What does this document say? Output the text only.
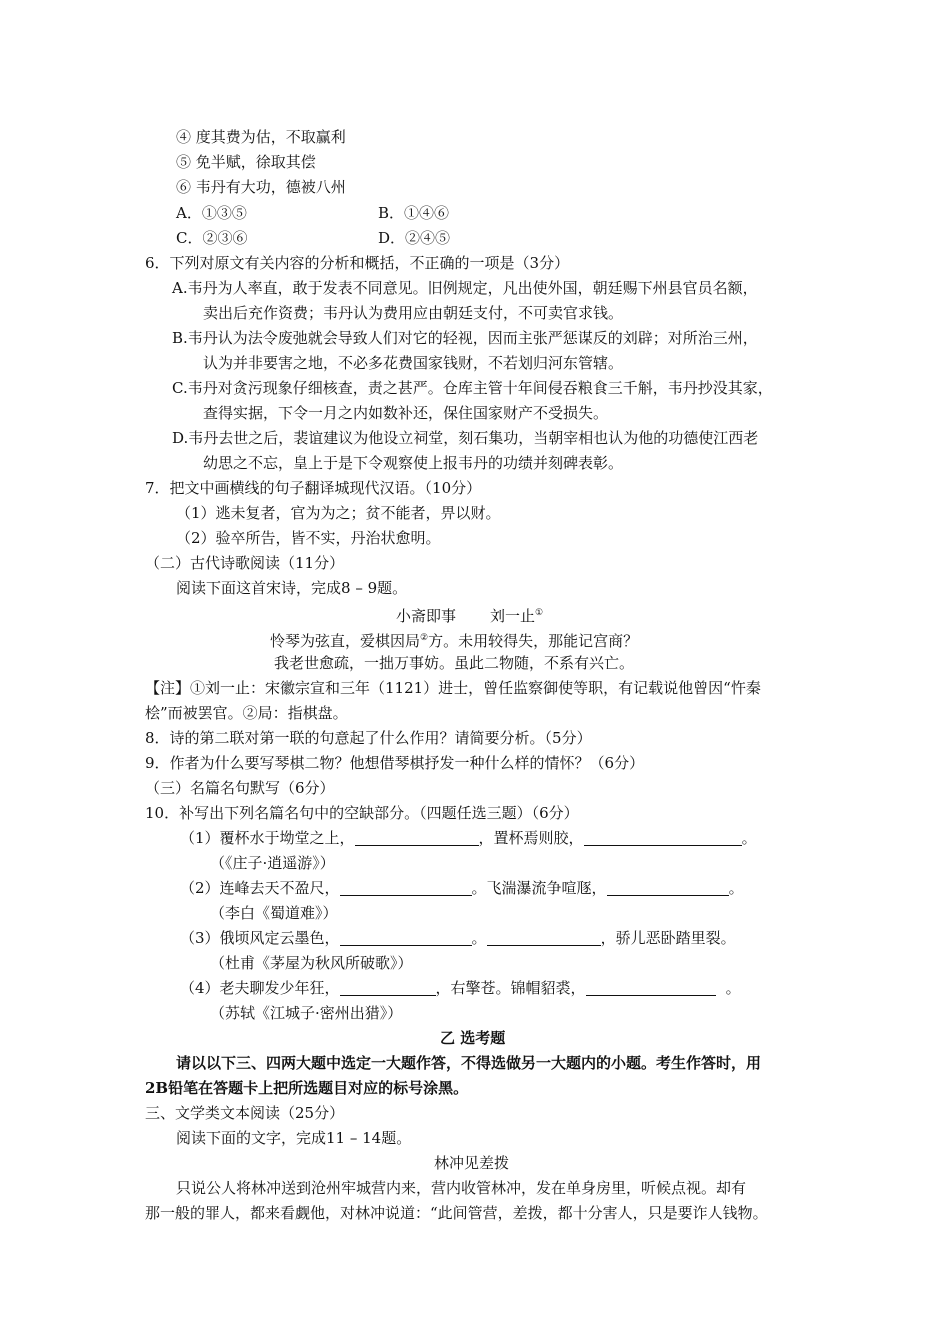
④ 度其费为估，不取赢利
⑤ 免半赋，徐取其偿
⑥ 韦丹有大功，德被八州
A．①③⑤	B．①④⑥
C．②③⑥	D．②④⑤
6．下列对原文有关内容的分析和概括，不正确的一项是（3分）
A.韦丹为人率直，敢于发表不同意见。旧例规定，凡出使外国，朝廷赐下州县官员名额，
卖出后充作资费；韦丹认为费用应由朝廷支付，不可卖官求钱。
B.韦丹认为法令废弛就会导致人们对它的轻视，因而主张严惩谋反的刘辟；对所治三州，
认为并非要害之地，不必多花费国家钱财，不若划归河东管辖。
C.韦丹对贪污现象仔细核查，责之甚严。仓库主管十年间侵吞粮食三千斛，韦丹抄没其家，
查得实据，下令一月之内如数补还，保住国家财产不受损失。
D.韦丹去世之后，裴谊建议为他设立祠堂，刻石集功，当朝宰相也认为他的功德使江西老
幼思之不忘，皇上于是下令观察使上报韦丹的功绩并刻碑表彰。
7．把文中画横线的句子翻译城现代汉语。（10分）
（1）逃未复者，官为为之；贫不能者，畀以财。
（2）验卒所告，皆不实，丹治状愈明。
（二）古代诗歌阅读（11分）
阅读下面这首宋诗，完成8 – 9题。
小斋即事 刘一止①
怜琴为弦直，爱棋因局②方。未用较得失，那能记宫商？
我老世愈疏，一拙万事妨。虽此二物随，不系有兴亡。
【注】①刘一止：宋徽宗宣和三年（1121）进士，曾任监察御使等职，有记载说他曾因“忤秦
桧”而被罢官。②局：指棋盘。
8．诗的第二联对第一联的句意起了什么作用？请简要分析。（5分）
9．作者为什么要写琴棋二物？他想借琴棋抒发一种什么样的情怀？（6分）
（三）名篇名句默写（6分）
10．补写出下列名篇名句中的空缺部分。（四题任选三题）（6分）
（1）覆杯水于坳堂之上，	，置杯焉则胶，	。
（《庄子·逍遥游》）
（2）连峰去天不盈尺，	。飞湍瀑流争喧豗，	。
（李白《蜀道难》）
（3）俄顷风定云墨色，	。	，骄儿恶卧踏里裂。
（杜甫《茅屋为秋风所破歌》）
（4）老夫聊发少年狂，	，右擎苍。锦帽貂裘，	。
（苏轼《江城子·密州出猎》）
乙 选考题
请以以下三、四两大题中选定一大题作答，不得选做另一大题内的小题。考生作答时，用
2B铅笔在答题卡上把所选题目对应的标号涂黑。
三、文学类文本阅读（25分）
阅读下面的文字，完成11 – 14题。
林冲见差拨
只说公人将林冲送到沧州牢城营内来，营内收管林冲，发在单身房里，听候点视。却有
那一般的罪人，都来看觑他，对林冲说道：“此间管营，差拨，都十分害人，只是要诈人钱物。
